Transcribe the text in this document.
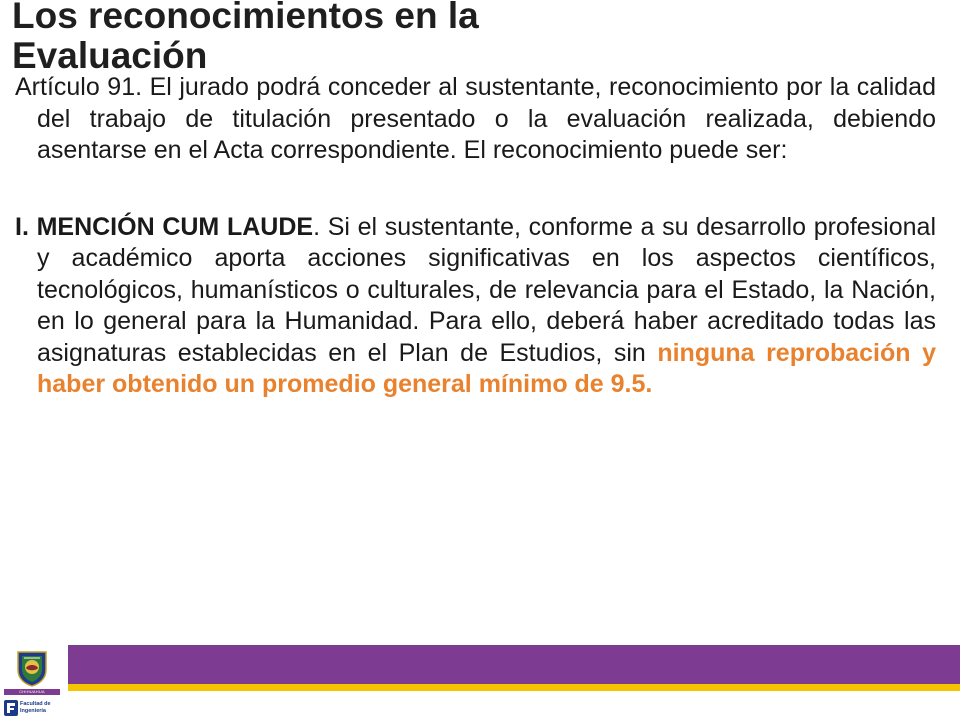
Los reconocimientos en la Evaluación

Artículo 91. El jurado podrá conceder al sustentante, reconocimiento por la calidad del trabajo de titulación presentado o la evaluación realizada, debiendo asentarse en el Acta correspondiente. El reconocimiento puede ser:

I. MENCIÓN CUM LAUDE. Si el sustentante, conforme a su desarrollo profesional y académico aporta acciones significativas en los aspectos científicos, tecnológicos, humanísticos o culturales, de relevancia para el Estado, la Nación, en lo general para la Humanidad. Para ello, deberá haber acreditado todas las asignaturas establecidas en el Plan de Estudios, sin ninguna reprobación y haber obtenido un promedio general mínimo de 9.5.

CHIHUAHUA
Facultad de
Ingeniería
